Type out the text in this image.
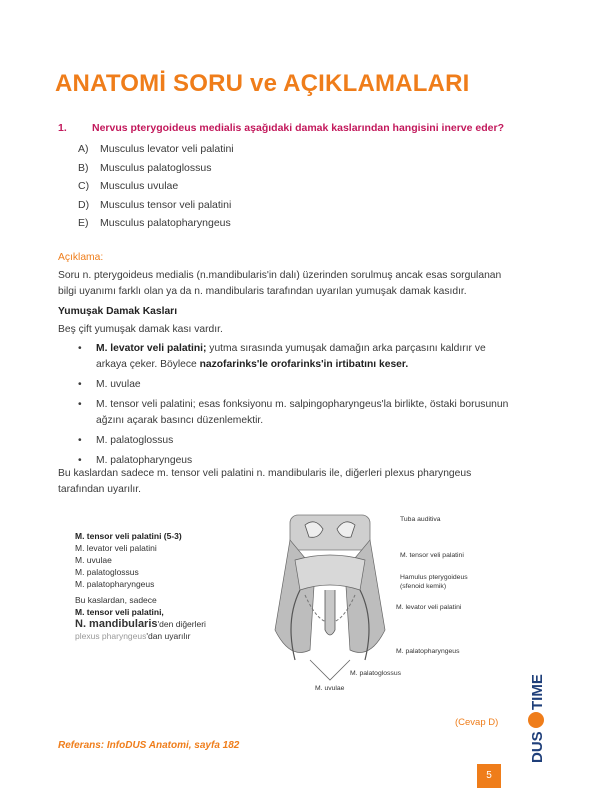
ANATOMİ SORU ve AÇIKLAMALARI
1. Nervus pterygoideus medialis aşağıdaki damak kaslarından hangisini inerve eder?
A) Musculus levator veli palatini
B) Musculus palatoglossus
C) Musculus uvulae
D) Musculus tensor veli palatini
E) Musculus palatopharyngeus
Açıklama:
Soru n. pterygoideus medialis (n.mandibularis'in dalı) üzerinden sorulmuş ancak esas sorgulanan bilgi uyanımı farklı olan ya da n. mandibularis tarafından uyarılan yumuşak damak kasıdır.
Yumuşak Damak Kasları
Beş çift yumuşak damak kası vardır.
• M. levator veli palatini; yutma sırasında yumuşak damağın arka parçasını kaldırır ve arkaya çeker. Böylece nazofarinks'le orofarinks'in irtibatını keser.
• M. uvulae
• M. tensor veli palatini; esas fonksiyonu m. salpingopharyngeus'la birlikte, östaki borusunun ağzını açarak basıncı düzenlemektir.
• M. palatoglossus
• M. palatopharyngeus
Bu kaslardan sadece m. tensor veli palatini n. mandibularis ile, diğerleri plexus pharyngeus tarafından uyarılır.
M. tensor veli palatini (5-3)
M. levator veli palatini
M. uvulae
M. palatoglossus
M. palatopharyngeus
Bu kaslardan, sadece
M. tensor veli palatini,
N. mandibularis'den diğerleri
plexus pharyngeus'dan uyarılır
Tuba auditiva
M. tensor veli palatini
Hamulus pterygoideus
(sfenoid kemik)
M. levator veli palatini
M. palatopharyngeus
M. palatoglossus
M. uvulae
(Cevap D)
Referans: InfoDUS Anatomi, sayfa 182	DUS
TIME
5
